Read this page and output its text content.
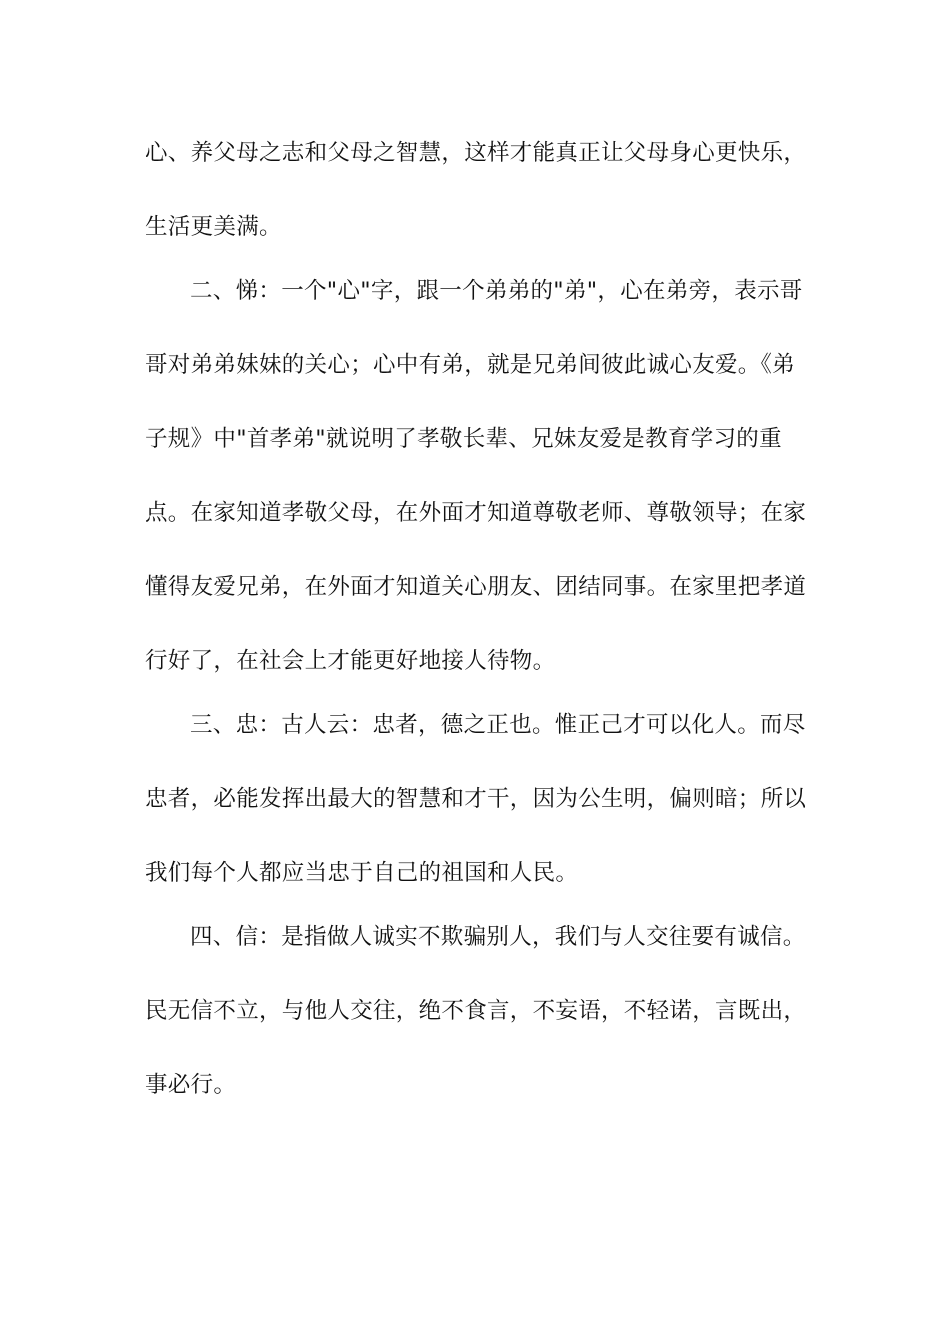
心、养父母之志和父母之智慧，这样才能真正让父母身心更快乐，
生活更美满。
二、悌：一个"心"字，跟一个弟弟的"弟"，心在弟旁，表示哥
哥对弟弟妹妹的关心；心中有弟，就是兄弟间彼此诚心友爱。《弟
子规》中"首孝弟"就说明了孝敬长辈、兄妹友爱是教育学习的重
点。在家知道孝敬父母，在外面才知道尊敬老师、尊敬领导；在家
懂得友爱兄弟，在外面才知道关心朋友、团结同事。在家里把孝道
行好了，在社会上才能更好地接人待物。
三、忠：古人云：忠者，德之正也。惟正己才可以化人。而尽
忠者，必能发挥出最大的智慧和才干，因为公生明，偏则暗；所以
我们每个人都应当忠于自己的祖国和人民。
四、信：是指做人诚实不欺骗别人，我们与人交往要有诚信。
民无信不立，与他人交往，绝不食言，不妄语，不轻诺，言既出，
事必行。
